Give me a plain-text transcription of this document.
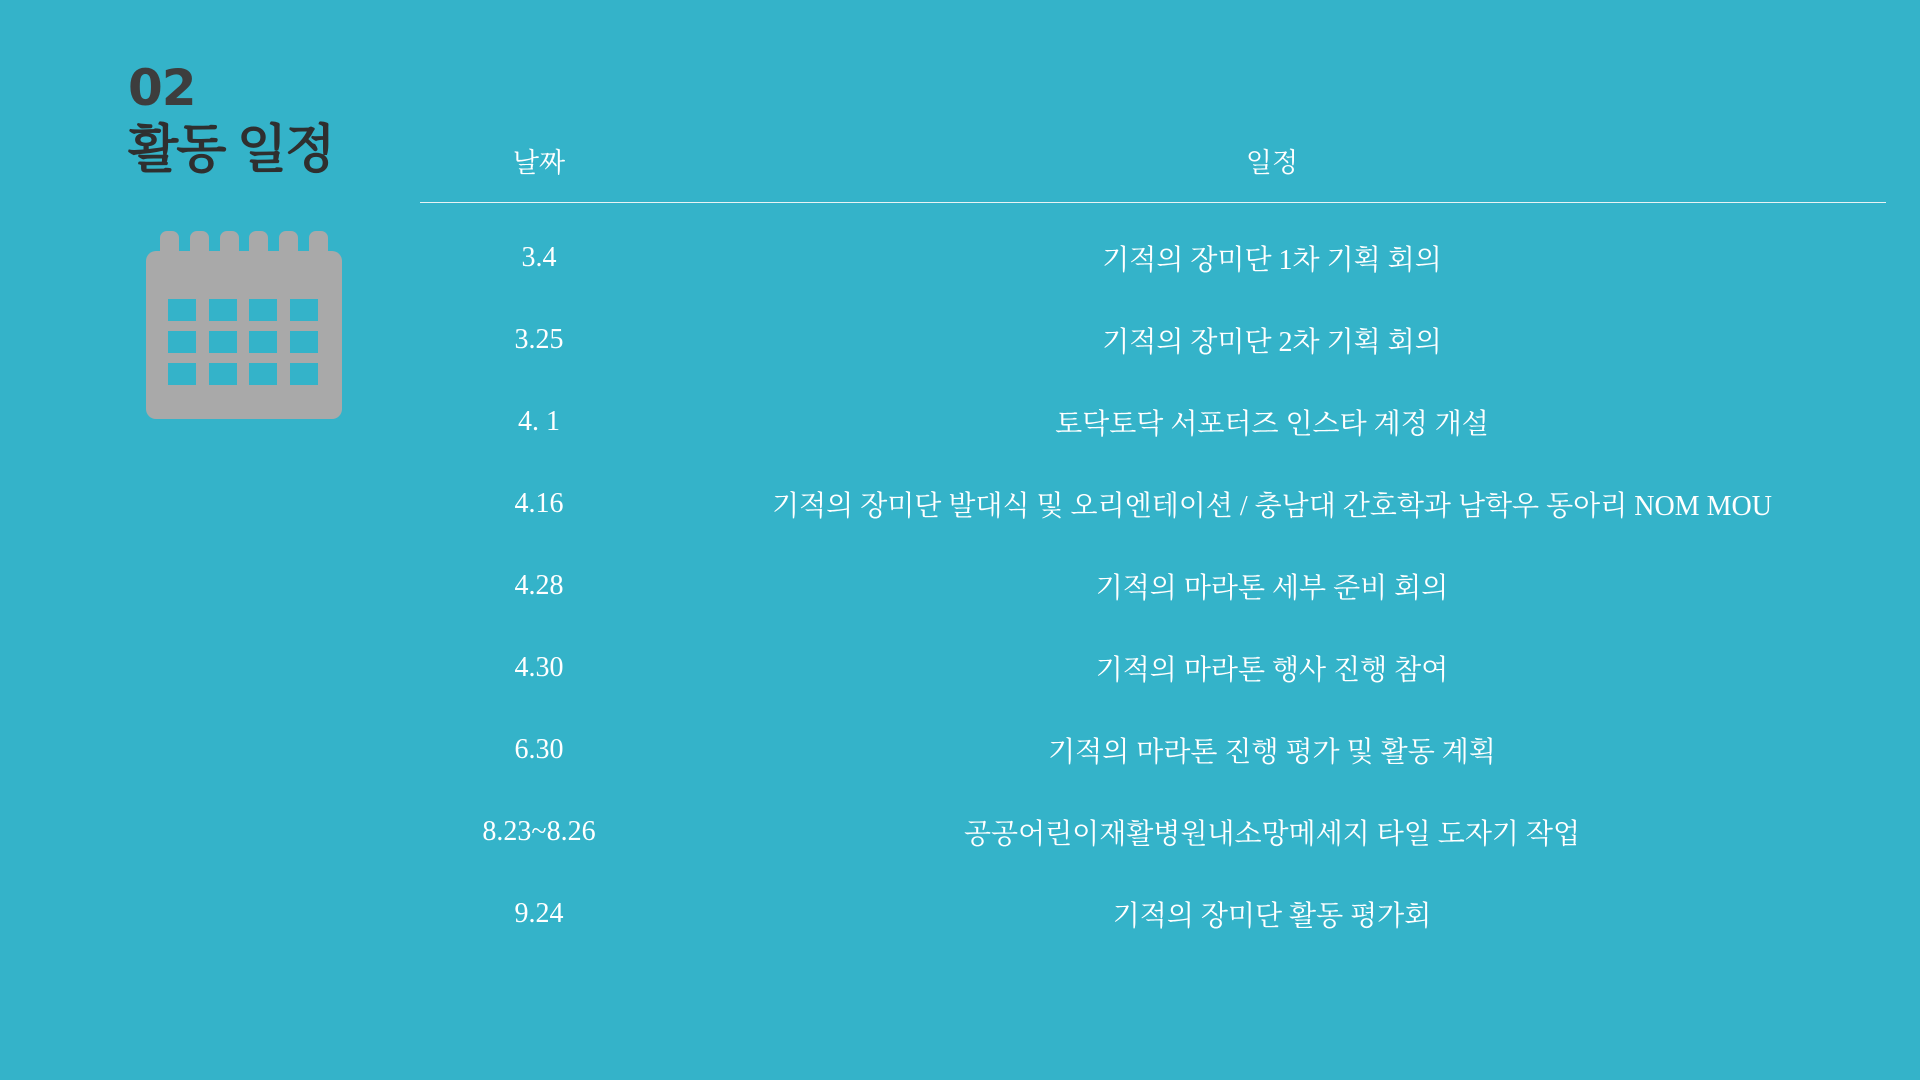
02
활동 일정	날짜	일정

3.4	기적의 장미단 1차 기획 회의
3.25	기적의 장미단 2차 기획 회의
4. 1	토닥토닥 서포터즈 인스타 계정 개설
4.16	기적의 장미단 발대식 및 오리엔테이션 / 충남대 간호학과 남학우 동아리 NOM MOU
4.28	기적의 마라톤 세부 준비 회의
4.30	기적의 마라톤 행사 진행 참여
6.30	기적의 마라톤 진행 평가 및 활동 계획
8.23~8.26	공공어린이재활병원내소망메세지 타일 도자기 작업
9.24	기적의 장미단 활동 평가회
